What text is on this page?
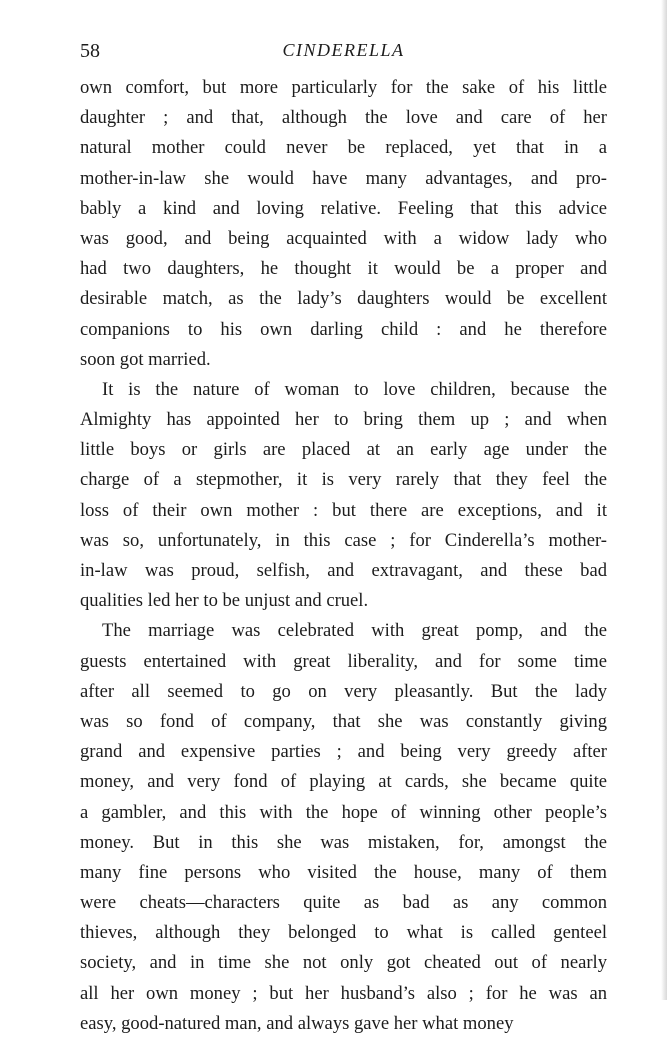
58	CINDERELLA
own comfort, but more particularly for the sake of his little
daughter ; and that, although the love and care of her
natural mother could never be replaced, yet that in a
mother-in-law she would have many advantages, and pro-
bably a kind and loving relative. Feeling that this advice
was good, and being acquainted with a widow lady who
had two daughters, he thought it would be a proper and
desirable match, as the lady’s daughters would be excellent
companions to his own darling child : and he therefore
soon got married.
It is the nature of woman to love children, because the
Almighty has appointed her to bring them up ; and when
little boys or girls are placed at an early age under the
charge of a stepmother, it is very rarely that they feel the
loss of their own mother : but there are exceptions, and it
was so, unfortunately, in this case ; for Cinderella’s mother-
in-law was proud, selfish, and extravagant, and these bad
qualities led her to be unjust and cruel.
The marriage was celebrated with great pomp, and the
guests entertained with great liberality, and for some time
after all seemed to go on very pleasantly. But the lady
was so fond of company, that she was constantly giving
grand and expensive parties ; and being very greedy after
money, and very fond of playing at cards, she became quite
a gambler, and this with the hope of winning other people’s
money. But in this she was mistaken, for, amongst the
many fine persons who visited the house, many of them
were cheats—characters quite as bad as any common
thieves, although they belonged to what is called genteel
society, and in time she not only got cheated out of nearly
all her own money ; but her husband’s also ; for he was an
easy, good-natured man, and always gave her what money
